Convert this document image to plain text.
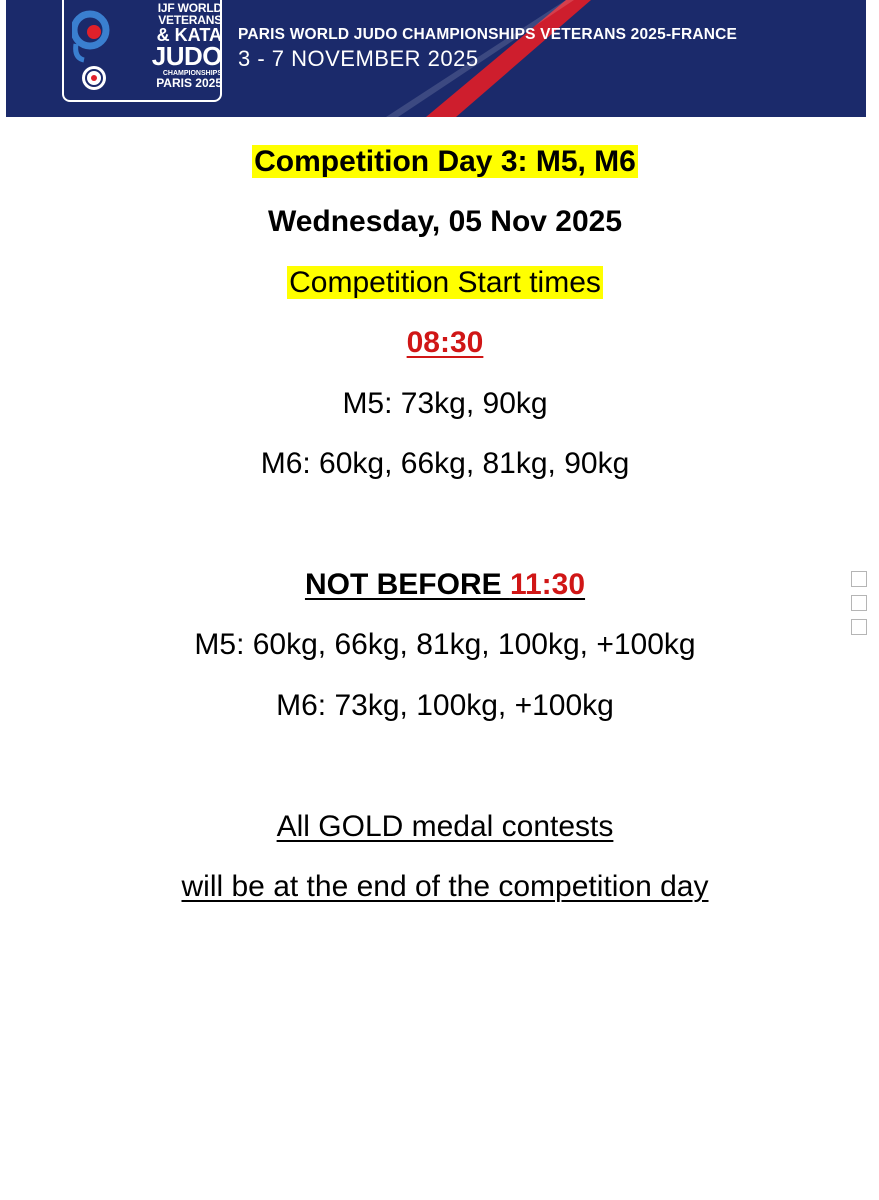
IJF WORLD
VETERANS
& KATA
JUDO
CHAMPIONSHIPS
PARIS 2025
PARIS WORLD JUDO CHAMPIONSHIPS VETERANS 2025-FRANCE
3 - 7 NOVEMBER 2025
Competition Day 3: M5, M6
Wednesday, 05 Nov 2025
Competition Start times
08:30
M5: 73kg, 90kg
M6: 60kg, 66kg, 81kg, 90kg
NOT BEFORE 11:30
M5: 60kg, 66kg, 81kg, 100kg, +100kg
M6: 73kg, 100kg, +100kg
All GOLD medal contests
will be at the end of the competition day
